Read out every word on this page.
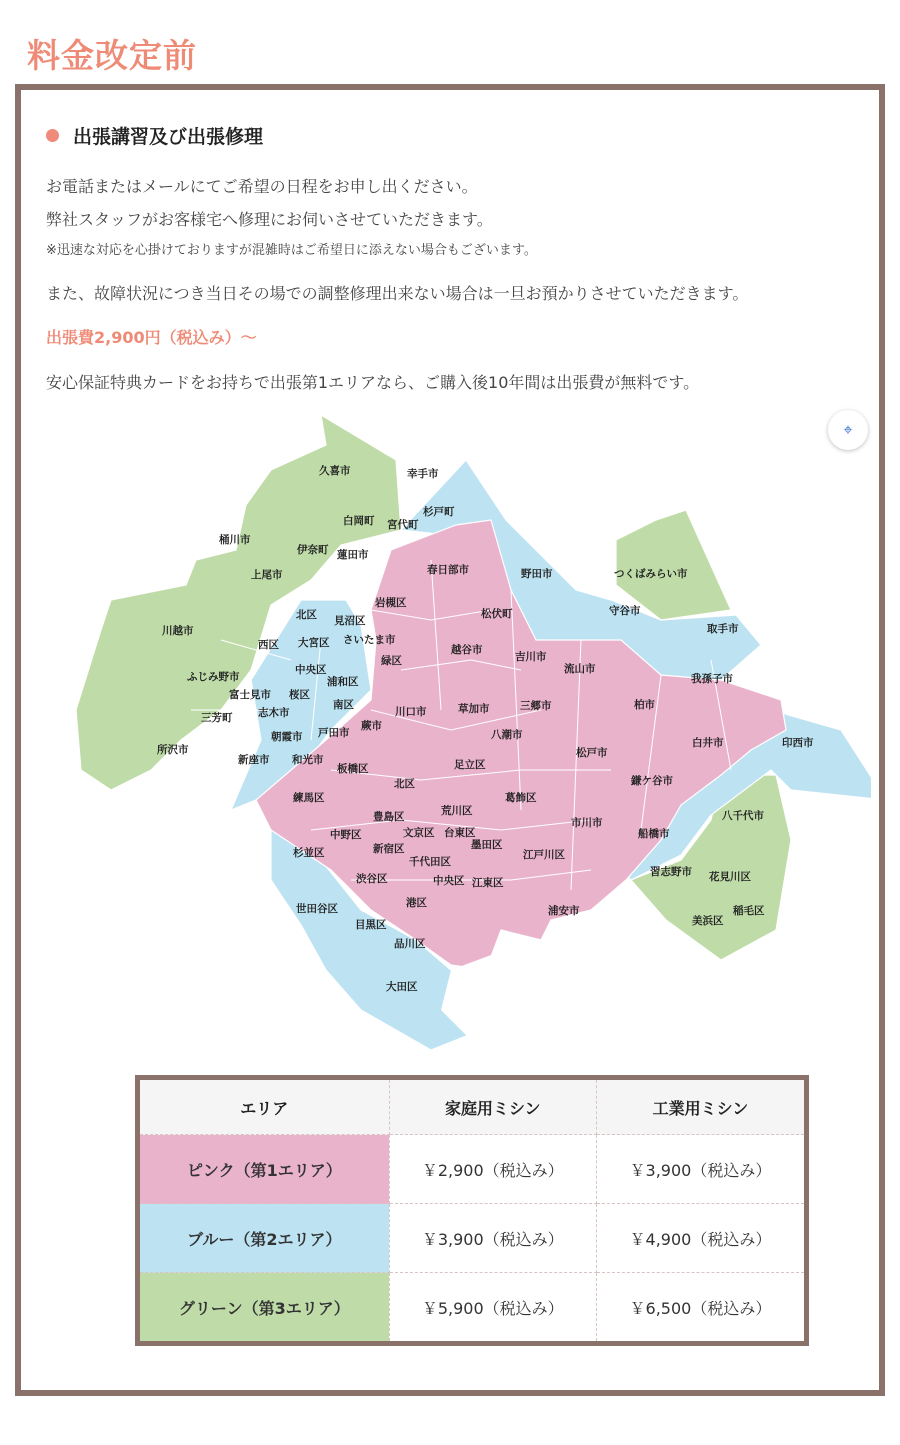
料金改定前
出張講習及び出張修理
お電話またはメールにてご希望の日程をお申し出ください。
弊社スタッフがお客様宅へ修理にお伺いさせていただきます。
※迅速な対応を心掛けておりますが混雑時はご希望日に添えない場合もございます。
また、故障状況につき当日その場での調整修理出来ない場合は一旦お預かりさせていただきます。
出張費2,900円（税込み）～
安心保証特典カードをお持ちで出張第1エリアなら、ご購入後10年間は出張費が無料です。
久喜市	幸手市
杉戸町
白岡町 宮代町
桶川市
伊奈町 蓮田市
上尾市	春日部市	野田市	つくばみらい市
守谷市
取手市
川越市
西区
北区 見沼区
大宮区 さいたま市
岩槻区
松伏町
越谷市
吉川市
流山市
我孫子市
ふじみ野市
中央区
浦和区
緑区
富士見市 桜区
南区
三芳町 志木市	川口市	草加市	三郷市	柏市
戸田市
蕨市
朝霞市	八潮市
白井市	印西市
所沢市
新座市 和光市
板橋区	足立区
松戸市
北区	鎌ケ谷市
練馬区	葛飾区
豊島区	荒川区	八千代市
中野区	文京区 台東区
市川市
船橋市
杉並区	新宿区	墨田区
千代田区
江戸川区
習志野市 花見川区
渋谷区	中央区 江東区
世田谷区	港区
浦安市	稲毛区
目黒区	美浜区
品川区
大田区
⌖
エリア	家庭用ミシン	工業用ミシン
ピンク（第1エリア）	￥2,900（税込み）	￥3,900（税込み）
ブルー（第2エリア）	￥3,900（税込み）	￥4,900（税込み）
グリーン（第3エリア）	￥5,900（税込み）	￥6,500（税込み）
